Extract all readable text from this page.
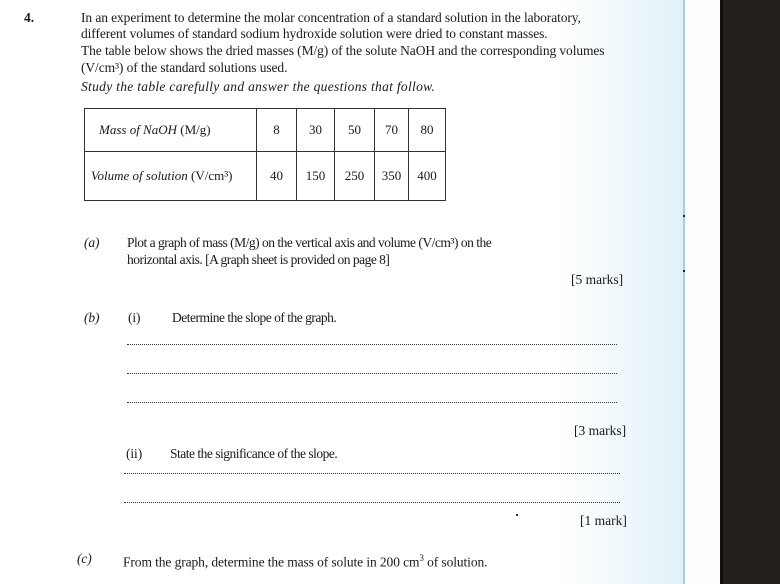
4.	In an experiment to determine the molar concentration of a standard solution in the laboratory,
different volumes of standard sodium hydroxide solution were dried to constant masses.
The table below shows the dried masses (M/g) of the solute NaOH and the corresponding volumes
(V/cm³) of the standard solutions used.
Study the table carefully and answer the questions that follow.
Mass of NaOH (M/g)	8	30	50	70	80
Volume of solution (V/cm³)	40	150	250	350	400
(a) Plot a graph of mass (M/g) on the vertical axis and volume (V/cm³) on the
horizontal axis. [A graph sheet is provided on page 8]
[5 marks]
(b) (i) Determine the slope of the graph.
[3 marks]
(ii) State the significance of the slope.
[1 mark]
(c) From the graph, determine the mass of solute in 200 $cm^3$ of solution.
